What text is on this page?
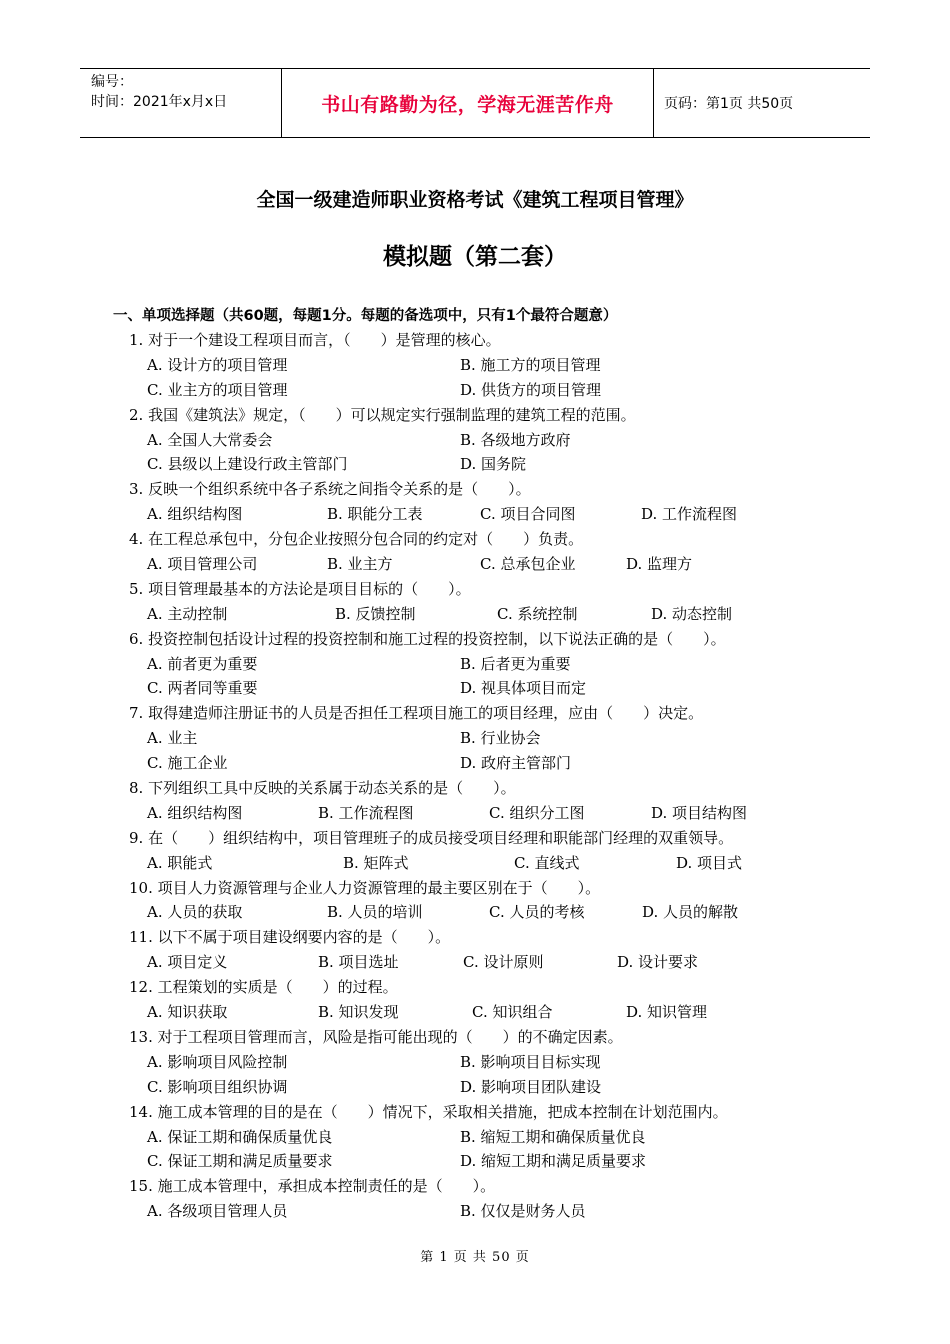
编号：
时间：2021年x月x日	书山有路勤为径，学海无涯苦作舟	页码：第1页 共50页
全国一级建造师职业资格考试《建筑工程项目管理》
模拟题（第二套）
一、单项选择题（共60题，每题1分。每题的备选项中，只有1个最符合题意）
1. 对于一个建设工程项目而言，（　　）是管理的核心。
A. 设计方的项目管理	B. 施工方的项目管理
C. 业主方的项目管理	D. 供货方的项目管理
2. 我国《建筑法》规定，（　　）可以规定实行强制监理的建筑工程的范围。
A. 全国人大常委会	B. 各级地方政府
C. 县级以上建设行政主管部门	D. 国务院
3. 反映一个组织系统中各子系统之间指令关系的是（　　）。
A. 组织结构图	B. 职能分工表	C. 项目合同图	D. 工作流程图
4. 在工程总承包中，分包企业按照分包合同的约定对（　　）负责。
A. 项目管理公司	B. 业主方	C. 总承包企业	D. 监理方
5. 项目管理最基本的方法论是项目目标的（　　）。
A. 主动控制	B. 反馈控制	C. 系统控制	D. 动态控制
6. 投资控制包括设计过程的投资控制和施工过程的投资控制，以下说法正确的是（　　）。
A. 前者更为重要	B. 后者更为重要
C. 两者同等重要	D. 视具体项目而定
7. 取得建造师注册证书的人员是否担任工程项目施工的项目经理，应由（　　）决定。
A. 业主	B. 行业协会
C. 施工企业	D. 政府主管部门
8. 下列组织工具中反映的关系属于动态关系的是（　　）。
A. 组织结构图	B. 工作流程图	C. 组织分工图	D. 项目结构图
9. 在（　　）组织结构中，项目管理班子的成员接受项目经理和职能部门经理的双重领导。
A. 职能式	B. 矩阵式	C. 直线式	D. 项目式
10. 项目人力资源管理与企业人力资源管理的最主要区别在于（　　）。
A. 人员的获取	B. 人员的培训	C. 人员的考核	D. 人员的解散
11. 以下不属于项目建设纲要内容的是（　　）。
A. 项目定义	B. 项目选址	C. 设计原则	D. 设计要求
12. 工程策划的实质是（　　）的过程。
A. 知识获取	B. 知识发现	C. 知识组合	D. 知识管理
13. 对于工程项目管理而言，风险是指可能出现的（　　）的不确定因素。
A. 影响项目风险控制	B. 影响项目目标实现
C. 影响项目组织协调	D. 影响项目团队建设
14. 施工成本管理的目的是在（　　）情况下，采取相关措施，把成本控制在计划范围内。
A. 保证工期和确保质量优良	B. 缩短工期和确保质量优良
C. 保证工期和满足质量要求	D. 缩短工期和满足质量要求
15. 施工成本管理中，承担成本控制责任的是（　　）。
A. 各级项目管理人员	B. 仅仅是财务人员
第 1 页 共 50 页
